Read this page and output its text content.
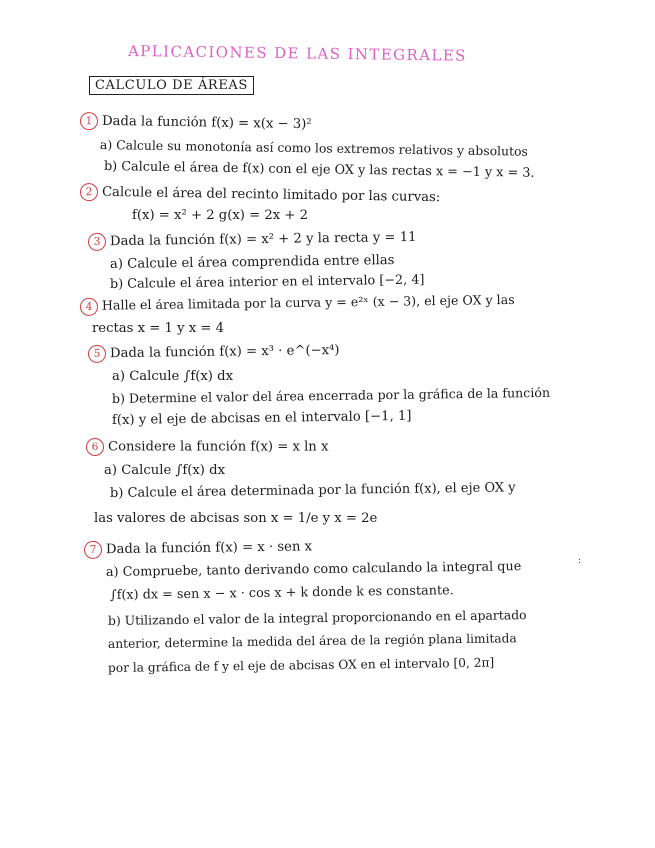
APLICACIONES DE LAS INTEGRALES
CALCULO DE ÁREAS
1 Dada la función f(x) = x(x − 3)²
a) Calcule su monotonía así como los extremos relativos y absolutos
b) Calcule el área de f(x) con el eje OX y las rectas x = −1 y x = 3.
2 Calcule el área del recinto limitado por las curvas:
f(x) = x² + 2 g(x) = 2x + 2
3 Dada la función f(x) = x² + 2 y la recta y = 11
a) Calcule el área comprendida entre ellas
b) Calcule el área interior en el intervalo [−2, 4]
4 Halle el área limitada por la curva y = e²ˣ (x − 3), el eje OX y las
rectas x = 1 y x = 4
5 Dada la función f(x) = x³ · e^(−x⁴)
a) Calcule ∫f(x) dx
b) Determine el valor del área encerrada por la gráfica de la función
f(x) y el eje de abcisas en el intervalo [−1, 1]
6 Considere la función f(x) = x ln x
a) Calcule ∫f(x) dx
b) Calcule el área determinada por la función f(x), el eje OX y
las valores de abcisas son x = 1/e y x = 2e
7 Dada la función f(x) = x · sen x
a) Compruebe, tanto derivando como calculando la integral que
∫f(x) dx = sen x − x · cos x + k donde k es constante.
b) Utilizando el valor de la integral proporcionando en el apartado
anterior, determine la medida del área de la región plana limitada
por la gráfica de f y el eje de abcisas OX en el intervalo [0, 2π]
:
